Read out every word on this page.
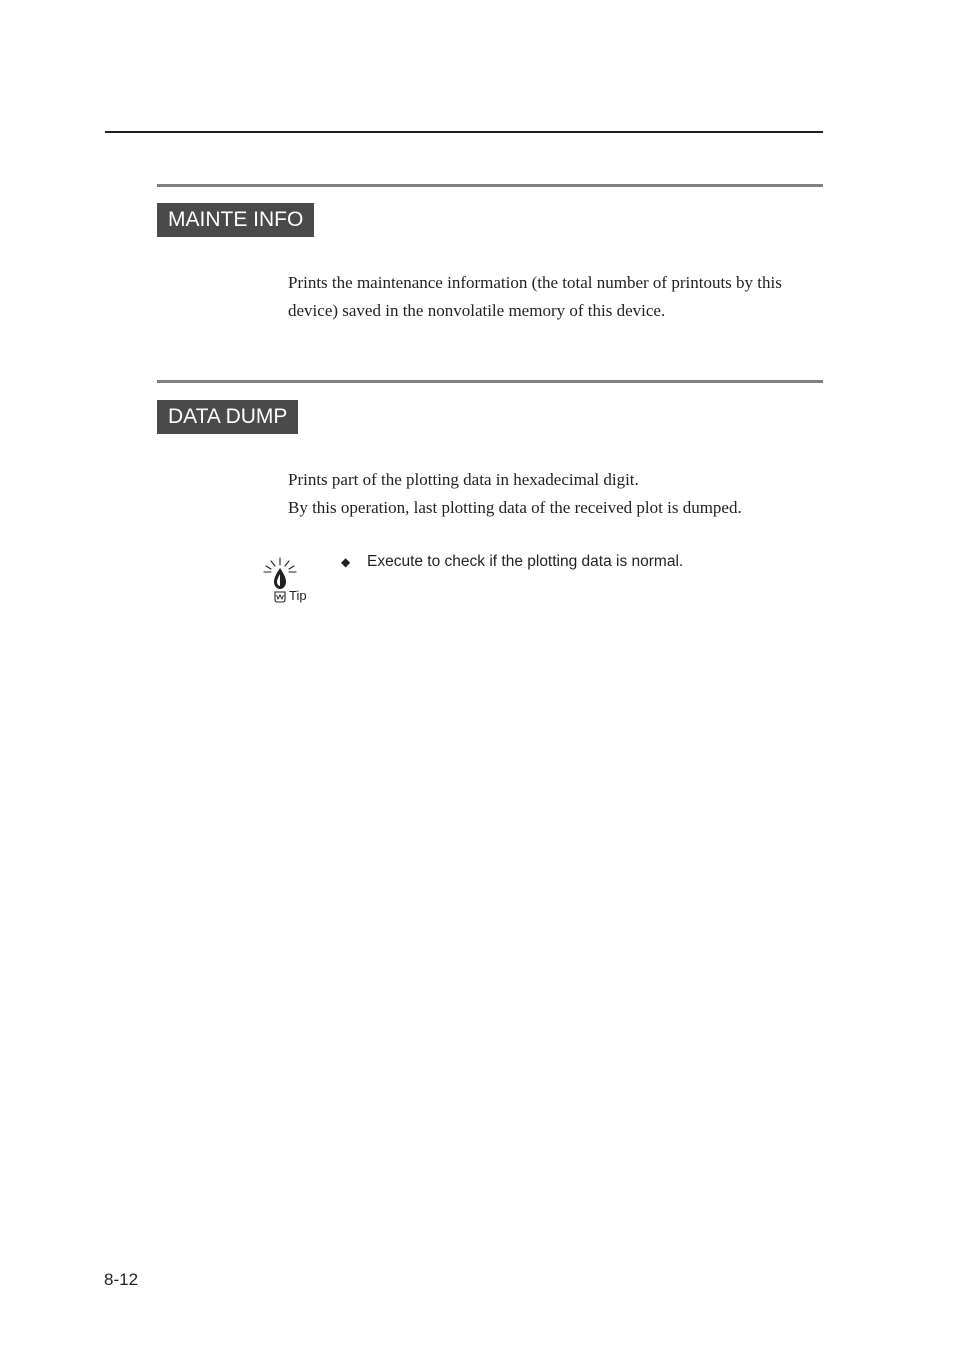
MAINTE INFO

Prints the maintenance information (the total number of printouts by this device) saved in the nonvolatile memory of this device.

DATA DUMP

Prints part of the plotting data in hexadecimal digit.

By this operation, last plotting data of the received plot is dumped.

Tip
◆ Execute to check if the plotting data is normal.
8-12
